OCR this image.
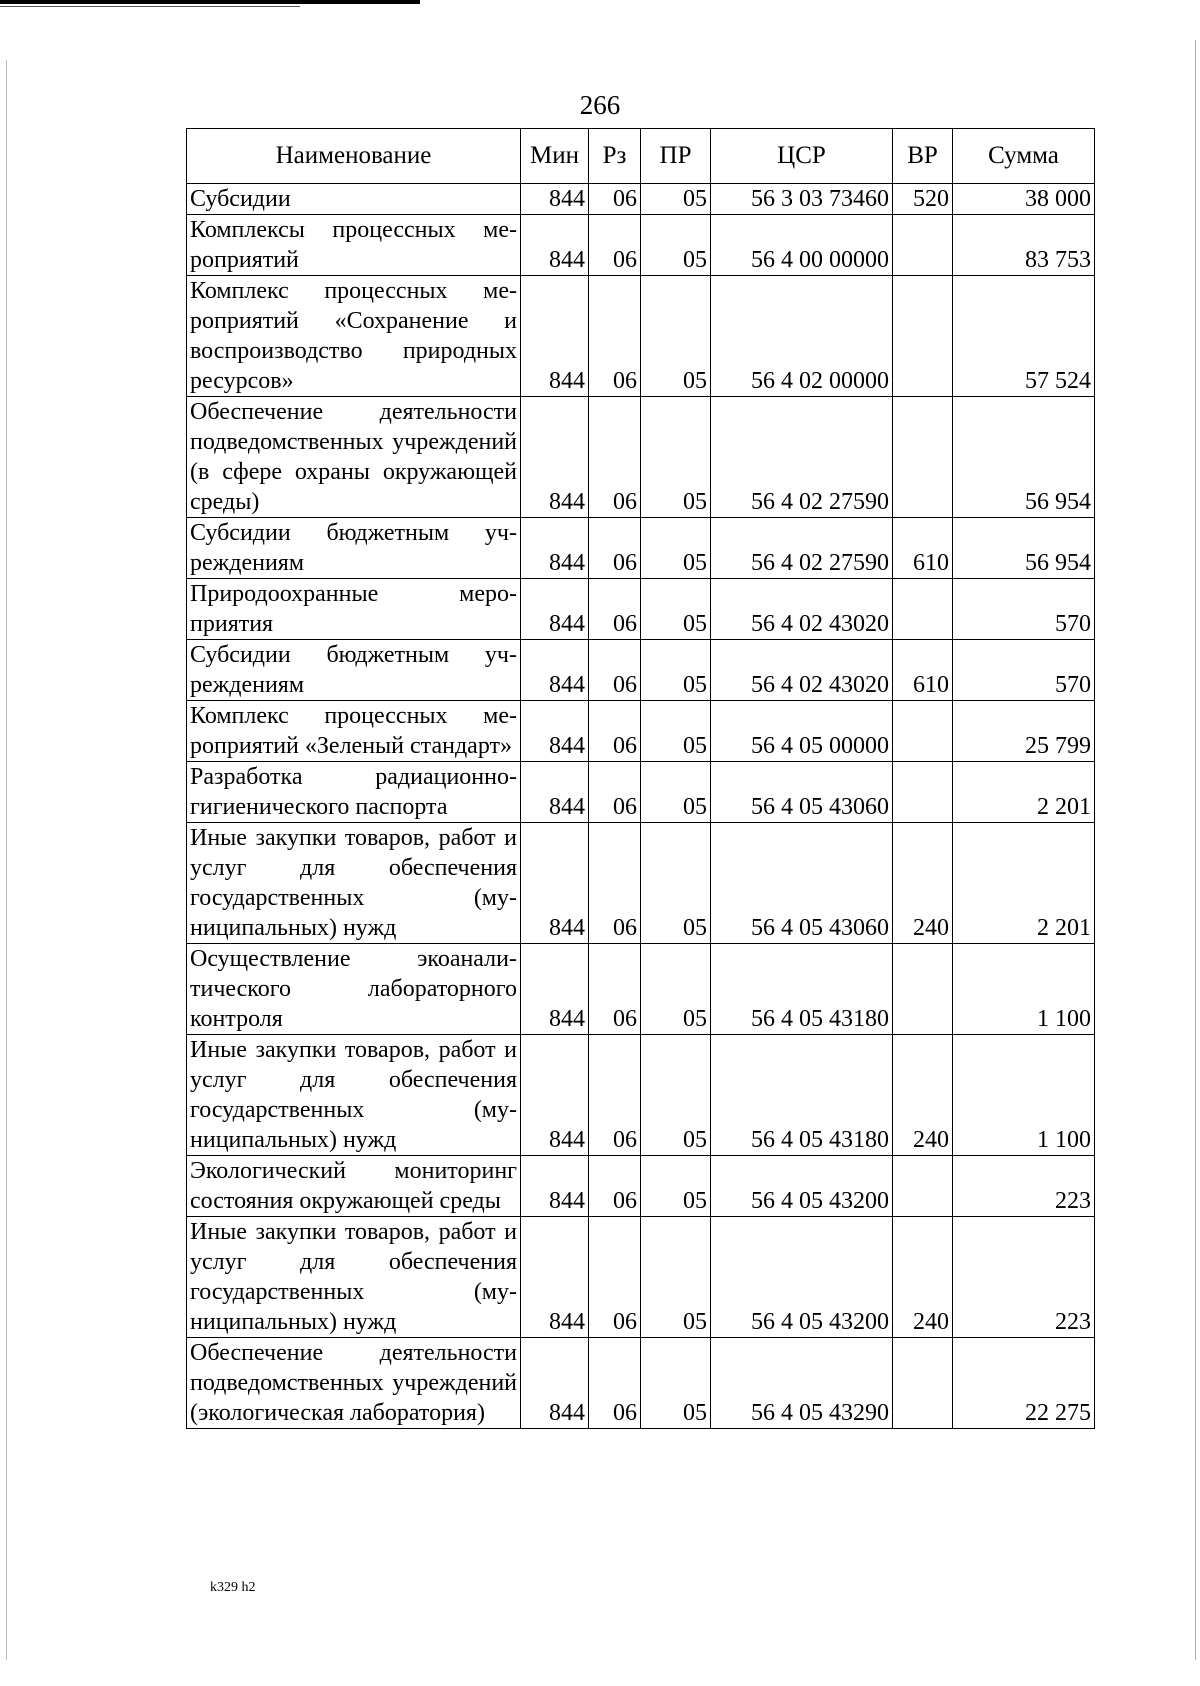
266
Наименование	Мин	Рз	ПР	ЦСР	ВР	Сумма
Субсидии	844	06	05	56 3 03 73460	520	38 000
Комплексы процессных мероприятий	844	06	05	56 4 00 00000		83 753
Комплекс процессных мероприятий «Сохранение и воспроизводство природных ресурсов»	844	06	05	56 4 02 00000		57 524
Обеспечение деятельности подведомственных учреждений (в сфере охраны окружающей среды)	844	06	05	56 4 02 27590		56 954
Субсидии бюджетным учреждениям	844	06	05	56 4 02 27590	610	56 954
Природоохранные мероприятия	844	06	05	56 4 02 43020		570
Субсидии бюджетным учреждениям	844	06	05	56 4 02 43020	610	570
Комплекс процессных мероприятий «Зеленый стандарт»	844	06	05	56 4 05 00000		25 799
Разработка радиационно-гигиенического паспорта	844	06	05	56 4 05 43060		2 201
Иные закупки товаров, работ и услуг для обеспечения государственных (муниципальных) нужд	844	06	05	56 4 05 43060	240	2 201
Осуществление экоаналитического лабораторного контроля	844	06	05	56 4 05 43180		1 100
Иные закупки товаров, работ и услуг для обеспечения государственных (муниципальных) нужд	844	06	05	56 4 05 43180	240	1 100
Экологический мониторинг состояния окружающей среды	844	06	05	56 4 05 43200		223
Иные закупки товаров, работ и услуг для обеспечения государственных (муниципальных) нужд	844	06	05	56 4 05 43200	240	223
Обеспечение деятельности подведомственных учреждений (экологическая лаборатория)	844	06	05	56 4 05 43290		22 275
k329 h2
